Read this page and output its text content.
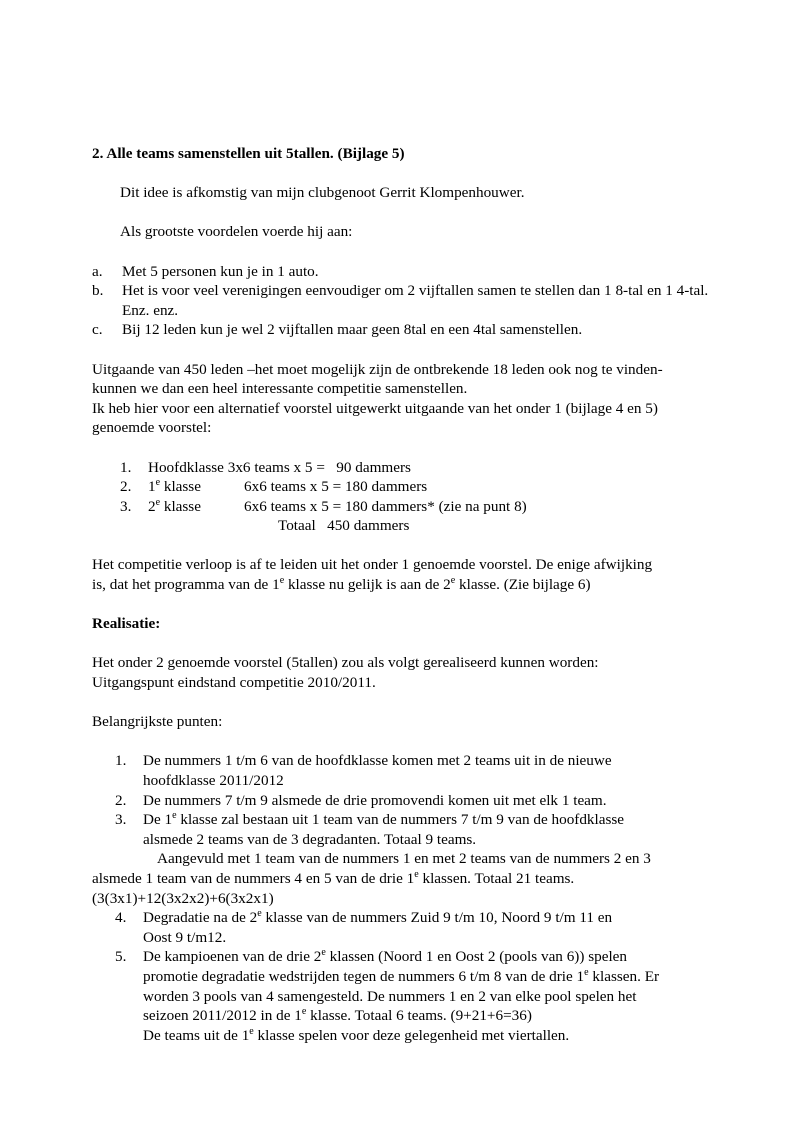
2. Alle teams samenstellen uit 5tallen. (Bijlage 5)
Dit idee is afkomstig van mijn clubgenoot Gerrit Klompenhouwer.
Als grootste voordelen voerde hij aan:
a.	Met 5 personen kun je in 1 auto.
b.	Het is voor veel verenigingen eenvoudiger om 2 vijftallen samen te stellen dan 1 8-tal en 1 4-tal. Enz. enz.
c.	Bij 12 leden kun je wel 2 vijftallen maar geen 8tal en een 4tal samenstellen.
Uitgaande van 450 leden –het moet mogelijk zijn de ontbrekende 18 leden ook nog te vinden-
kunnen we dan een heel interessante competitie samenstellen.
Ik heb hier voor een alternatief voorstel uitgewerkt uitgaande van het onder 1 (bijlage 4 en 5)
genoemde voorstel:
1.	Hoofdklasse 3x6 teams x 5 =   90 dammers
2.	1e klasse	6x6 teams x 5 = 180 dammers
3.	2e klasse	6x6 teams x 5 = 180 dammers* (zie na punt 8)
Totaal   450 dammers
Het competitie verloop is af te leiden uit het onder 1 genoemde voorstel. De enige afwijking
is, dat het programma van de 1e klasse nu gelijk is aan de 2e klasse. (Zie bijlage 6)
Realisatie:
Het onder 2 genoemde voorstel (5tallen) zou als volgt gerealiseerd kunnen worden:
Uitgangspunt eindstand competitie 2010/2011.
Belangrijkste punten:
1.	De nummers 1 t/m 6 van de hoofdklasse komen met 2 teams uit in de nieuwe
hoofdklasse 2011/2012
2.	De nummers 7 t/m 9 alsmede de drie promovendi komen uit met elk 1 team.
3.	De 1e klasse zal bestaan uit 1 team van de nummers 7 t/m 9 van de hoofdklasse
alsmede 2 teams van de 3 degradanten. Totaal 9 teams.
Aangevuld met 1 team van de nummers 1 en met 2 teams van de nummers 2 en 3
alsmede 1 team van de nummers 4 en 5 van de drie 1e klassen. Totaal 21 teams.
(3(3x1)+12(3x2x2)+6(3x2x1)
4.	Degradatie na de 2e klasse van de nummers Zuid 9 t/m 10, Noord 9 t/m 11 en
Oost 9 t/m12.
5.	De kampioenen van de drie 2e klassen (Noord 1 en Oost 2 (pools van 6)) spelen
promotie degradatie wedstrijden tegen de nummers 6 t/m 8 van de drie 1e klassen. Er
worden 3 pools van 4 samengesteld. De nummers 1 en 2 van elke pool spelen het
seizoen 2011/2012 in de 1e klasse. Totaal 6 teams. (9+21+6=36)
De teams uit de 1e klasse spelen voor deze gelegenheid met viertallen.
